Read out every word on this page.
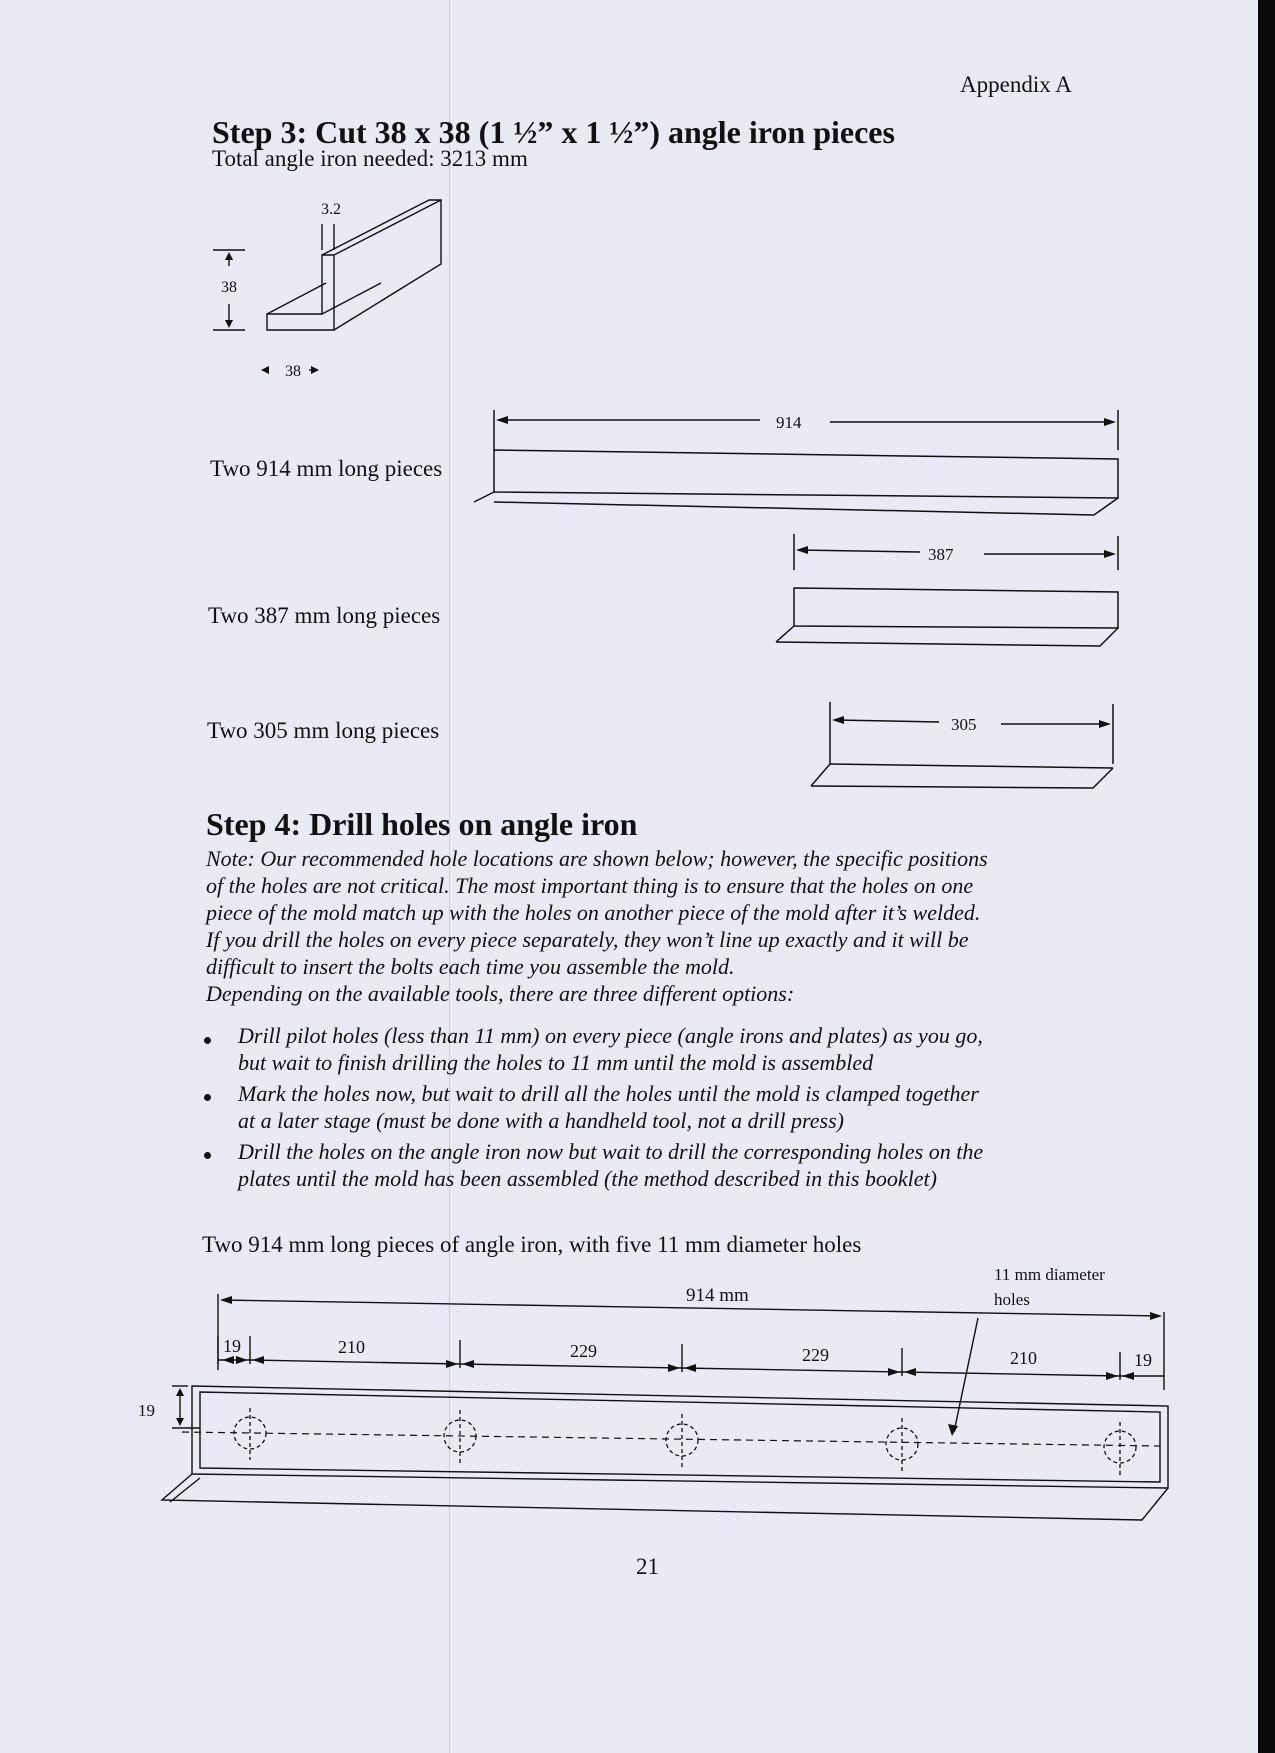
Appendix A

Step 3: Cut 38 x 38 (1 ½” x 1 ½”) angle iron pieces

Total angle iron needed: 3213 mm

3.2
38
38

Two 914 mm long pieces

914

Two 387 mm long pieces

387

Two 305 mm long pieces	305

Step 4: Drill holes on angle iron

Note: Our recommended hole locations are shown below; however, the specific positions

of the holes are not critical. The most important thing is to ensure that the holes on one

piece of the mold match up with the holes on another piece of the mold after it’s welded.

If you drill the holes on every piece separately, they won’t line up exactly and it will be

difficult to insert the bolts each time you assemble the mold.

Depending on the available tools, there are three different options:

Drill pilot holes (less than 11 mm) on every piece (angle irons and plates) as you go,

but wait to finish drilling the holes to 11 mm until the mold is assembled

Mark the holes now, but wait to drill all the holes until the mold is clamped together

at a later stage (must be done with a handheld tool, not a drill press)

Drill the holes on the angle iron now but wait to drill the corresponding holes on the

plates until the mold has been assembled (the method described in this booklet)

Two 914 mm long pieces of angle iron, with five 11 mm diameter holes

914 mm
11 mm diameter
holes
19	210	229	229	210	19
19

21
